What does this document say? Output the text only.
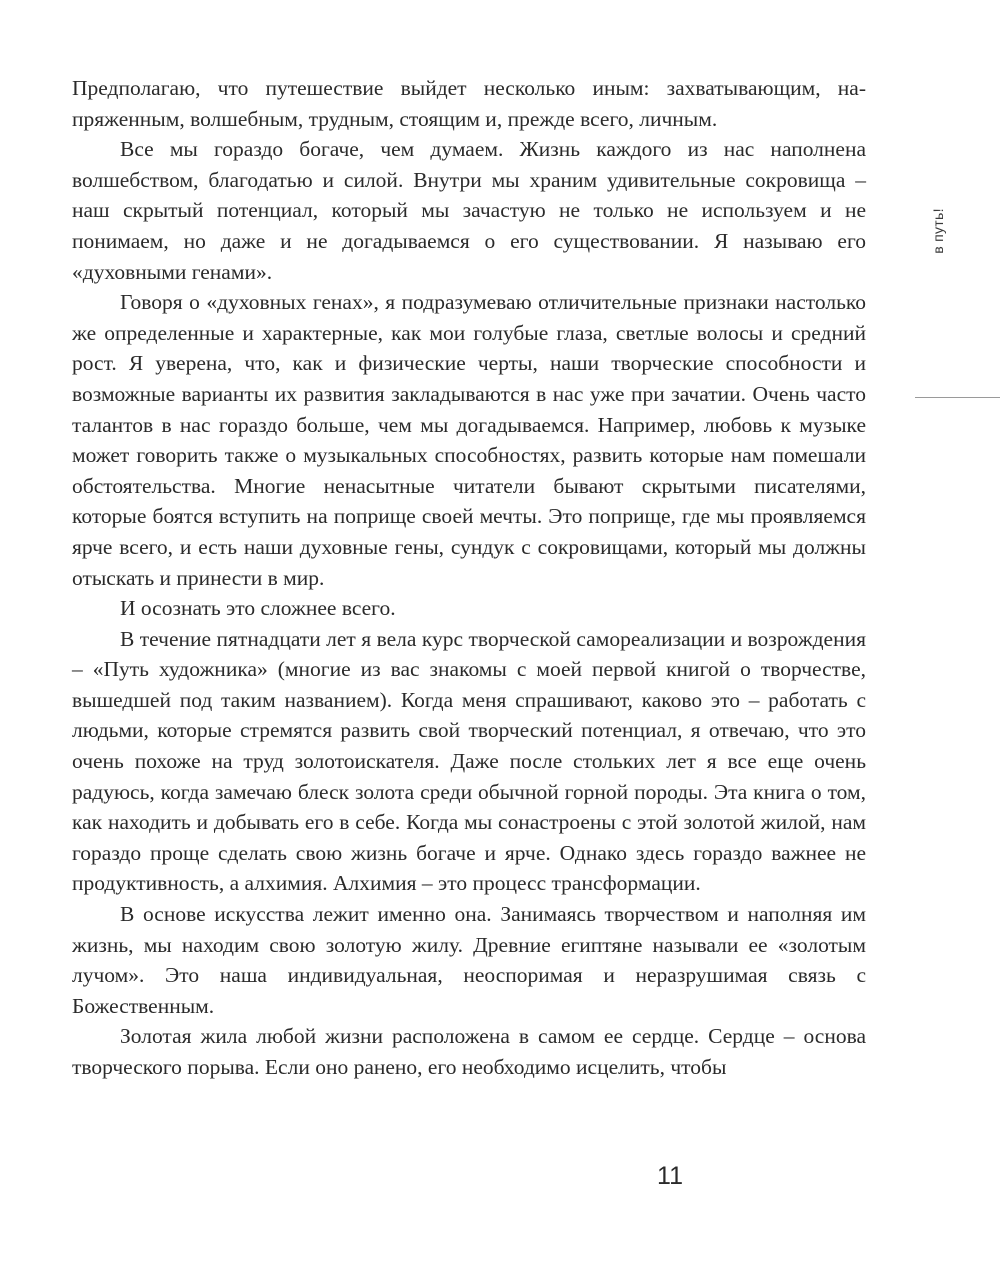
Предполагаю, что путешествие выйдет несколько иным: захватывающим, напряженным, волшебным, трудным, стоящим и, прежде всего, личным.

Все мы гораздо богаче, чем думаем. Жизнь каждого из нас наполнена волшебством, благодатью и силой. Внутри мы храним удивительные сокровища – наш скрытый потенциал, который мы зачастую не только не используем и не понимаем, но даже и не догадываемся о его существовании. Я называю его «духовными генами».

Говоря о «духовных генах», я подразумеваю отличительные признаки настолько же определенные и характерные, как мои голубые глаза, светлые волосы и средний рост. Я уверена, что, как и физические черты, наши творческие способности и возможные варианты их развития закладываются в нас уже при зачатии. Очень часто талантов в нас гораздо больше, чем мы догадываемся. Например, любовь к музыке может говорить также о музыкальных способностях, развить которые нам помешали обстоятельства. Многие ненасытные читатели бывают скрытыми писателями, которые боятся вступить на поприще своей мечты. Это поприще, где мы проявляемся ярче всего, и есть наши духовные гены, сундук с сокровищами, который мы должны отыскать и принести в мир.

И осознать это сложнее всего.

В течение пятнадцати лет я вела курс творческой самореализации и возрождения – «Путь художника» (многие из вас знакомы с моей первой книгой о творчестве, вышедшей под таким названием). Когда меня спрашивают, каково это – работать с людьми, которые стремятся развить свой творческий потенциал, я отвечаю, что это очень похоже на труд золотоискателя. Даже после стольких лет я все еще очень радуюсь, когда замечаю блеск золота среди обычной горной породы. Эта книга о том, как находить и добывать его в себе. Когда мы сонастроены с этой золотой жилой, нам гораздо проще сделать свою жизнь богаче и ярче. Однако здесь гораздо важнее не продуктивность, а алхимия. Алхимия – это процесс трансформации.

В основе искусства лежит именно она. Занимаясь творчеством и наполняя им жизнь, мы находим свою золотую жилу. Древние египтяне называли ее «золотым лучом». Это наша индивидуальная, неоспоримая и неразрушимая связь с Божественным.

Золотая жила любой жизни расположена в самом ее сердце. Сердце – основа творческого порыва. Если оно ранено, его необходимо исцелить, чтобы

в путь!
11
